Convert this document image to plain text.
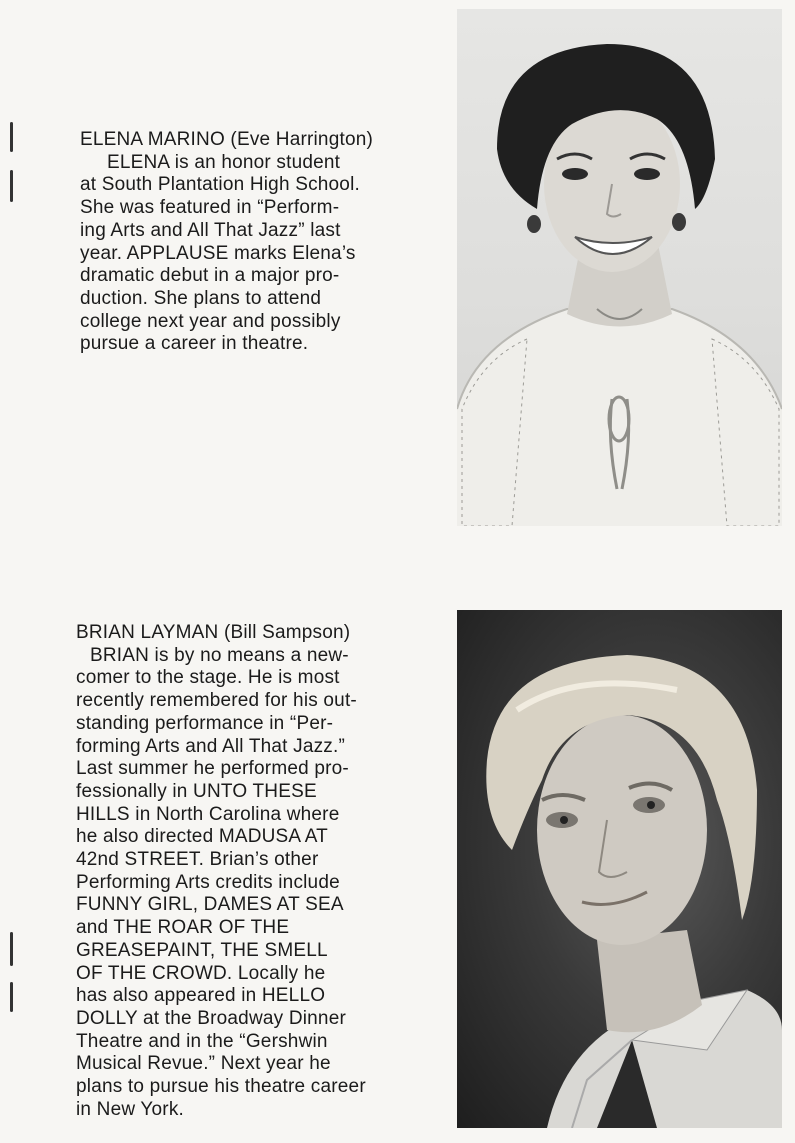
ELENA MARINO (Eve Harrington)
ELENA is an honor student
at South Plantation High School.
She was featured in “Perform-
ing Arts and All That Jazz” last
year. APPLAUSE marks Elena’s
dramatic debut in a major pro-
duction. She plans to attend
college next year and possibly
pursue a career in theatre.
BRIAN LAYMAN (Bill Sampson)
BRIAN is by no means a new-
comer to the stage. He is most
recently remembered for his out-
standing performance in “Per-
forming Arts and All That Jazz.”
Last summer he performed pro-
fessionally in UNTO THESE
HILLS in North Carolina where
he also directed MADUSA AT
42nd STREET. Brian’s other
Performing Arts credits include
FUNNY GIRL, DAMES AT SEA
and THE ROAR OF THE
GREASEPAINT, THE SMELL
OF THE CROWD. Locally he
has also appeared in HELLO
DOLLY at the Broadway Dinner
Theatre and in the “Gershwin
Musical Revue.” Next year he
plans to pursue his theatre career
in New York.
